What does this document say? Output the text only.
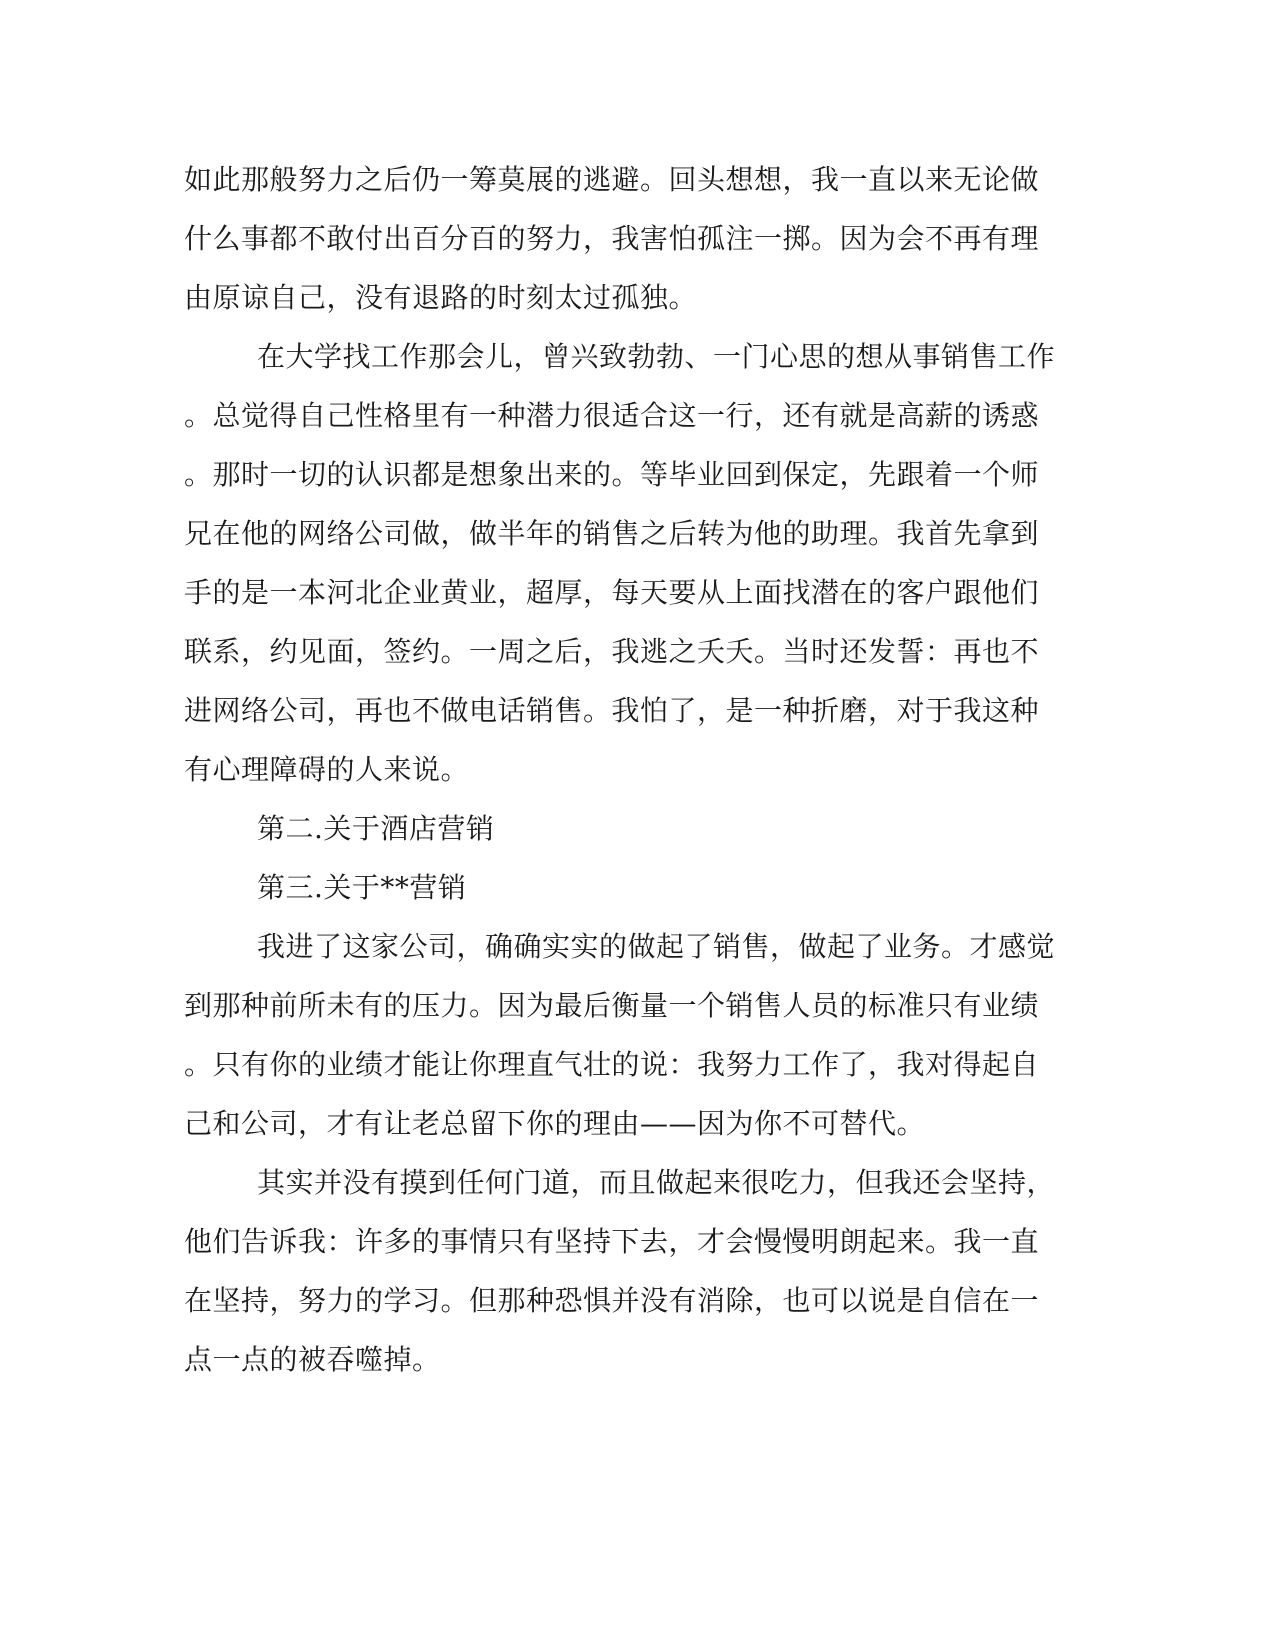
如此那般努力之后仍一筹莫展的逃避。回头想想，我一直以来无论做
什么事都不敢付出百分百的努力，我害怕孤注一掷。因为会不再有理
由原谅自己，没有退路的时刻太过孤独。
在大学找工作那会儿，曾兴致勃勃、一门心思的想从事销售工作
。总觉得自己性格里有一种潜力很适合这一行，还有就是高薪的诱惑
。那时一切的认识都是想象出来的。等毕业回到保定，先跟着一个师
兄在他的网络公司做，做半年的销售之后转为他的助理。我首先拿到
手的是一本河北企业黄业，超厚，每天要从上面找潜在的客户跟他们
联系，约见面，签约。一周之后，我逃之夭夭。当时还发誓：再也不
进网络公司，再也不做电话销售。我怕了，是一种折磨，对于我这种
有心理障碍的人来说。
第二.关于酒店营销
第三.关于**营销
我进了这家公司，确确实实的做起了销售，做起了业务。才感觉
到那种前所未有的压力。因为最后衡量一个销售人员的标准只有业绩
。只有你的业绩才能让你理直气壮的说：我努力工作了，我对得起自
己和公司，才有让老总留下你的理由——因为你不可替代。
其实并没有摸到任何门道，而且做起来很吃力，但我还会坚持，
他们告诉我：许多的事情只有坚持下去，才会慢慢明朗起来。我一直
在坚持，努力的学习。但那种恐惧并没有消除，也可以说是自信在一
点一点的被吞噬掉。
